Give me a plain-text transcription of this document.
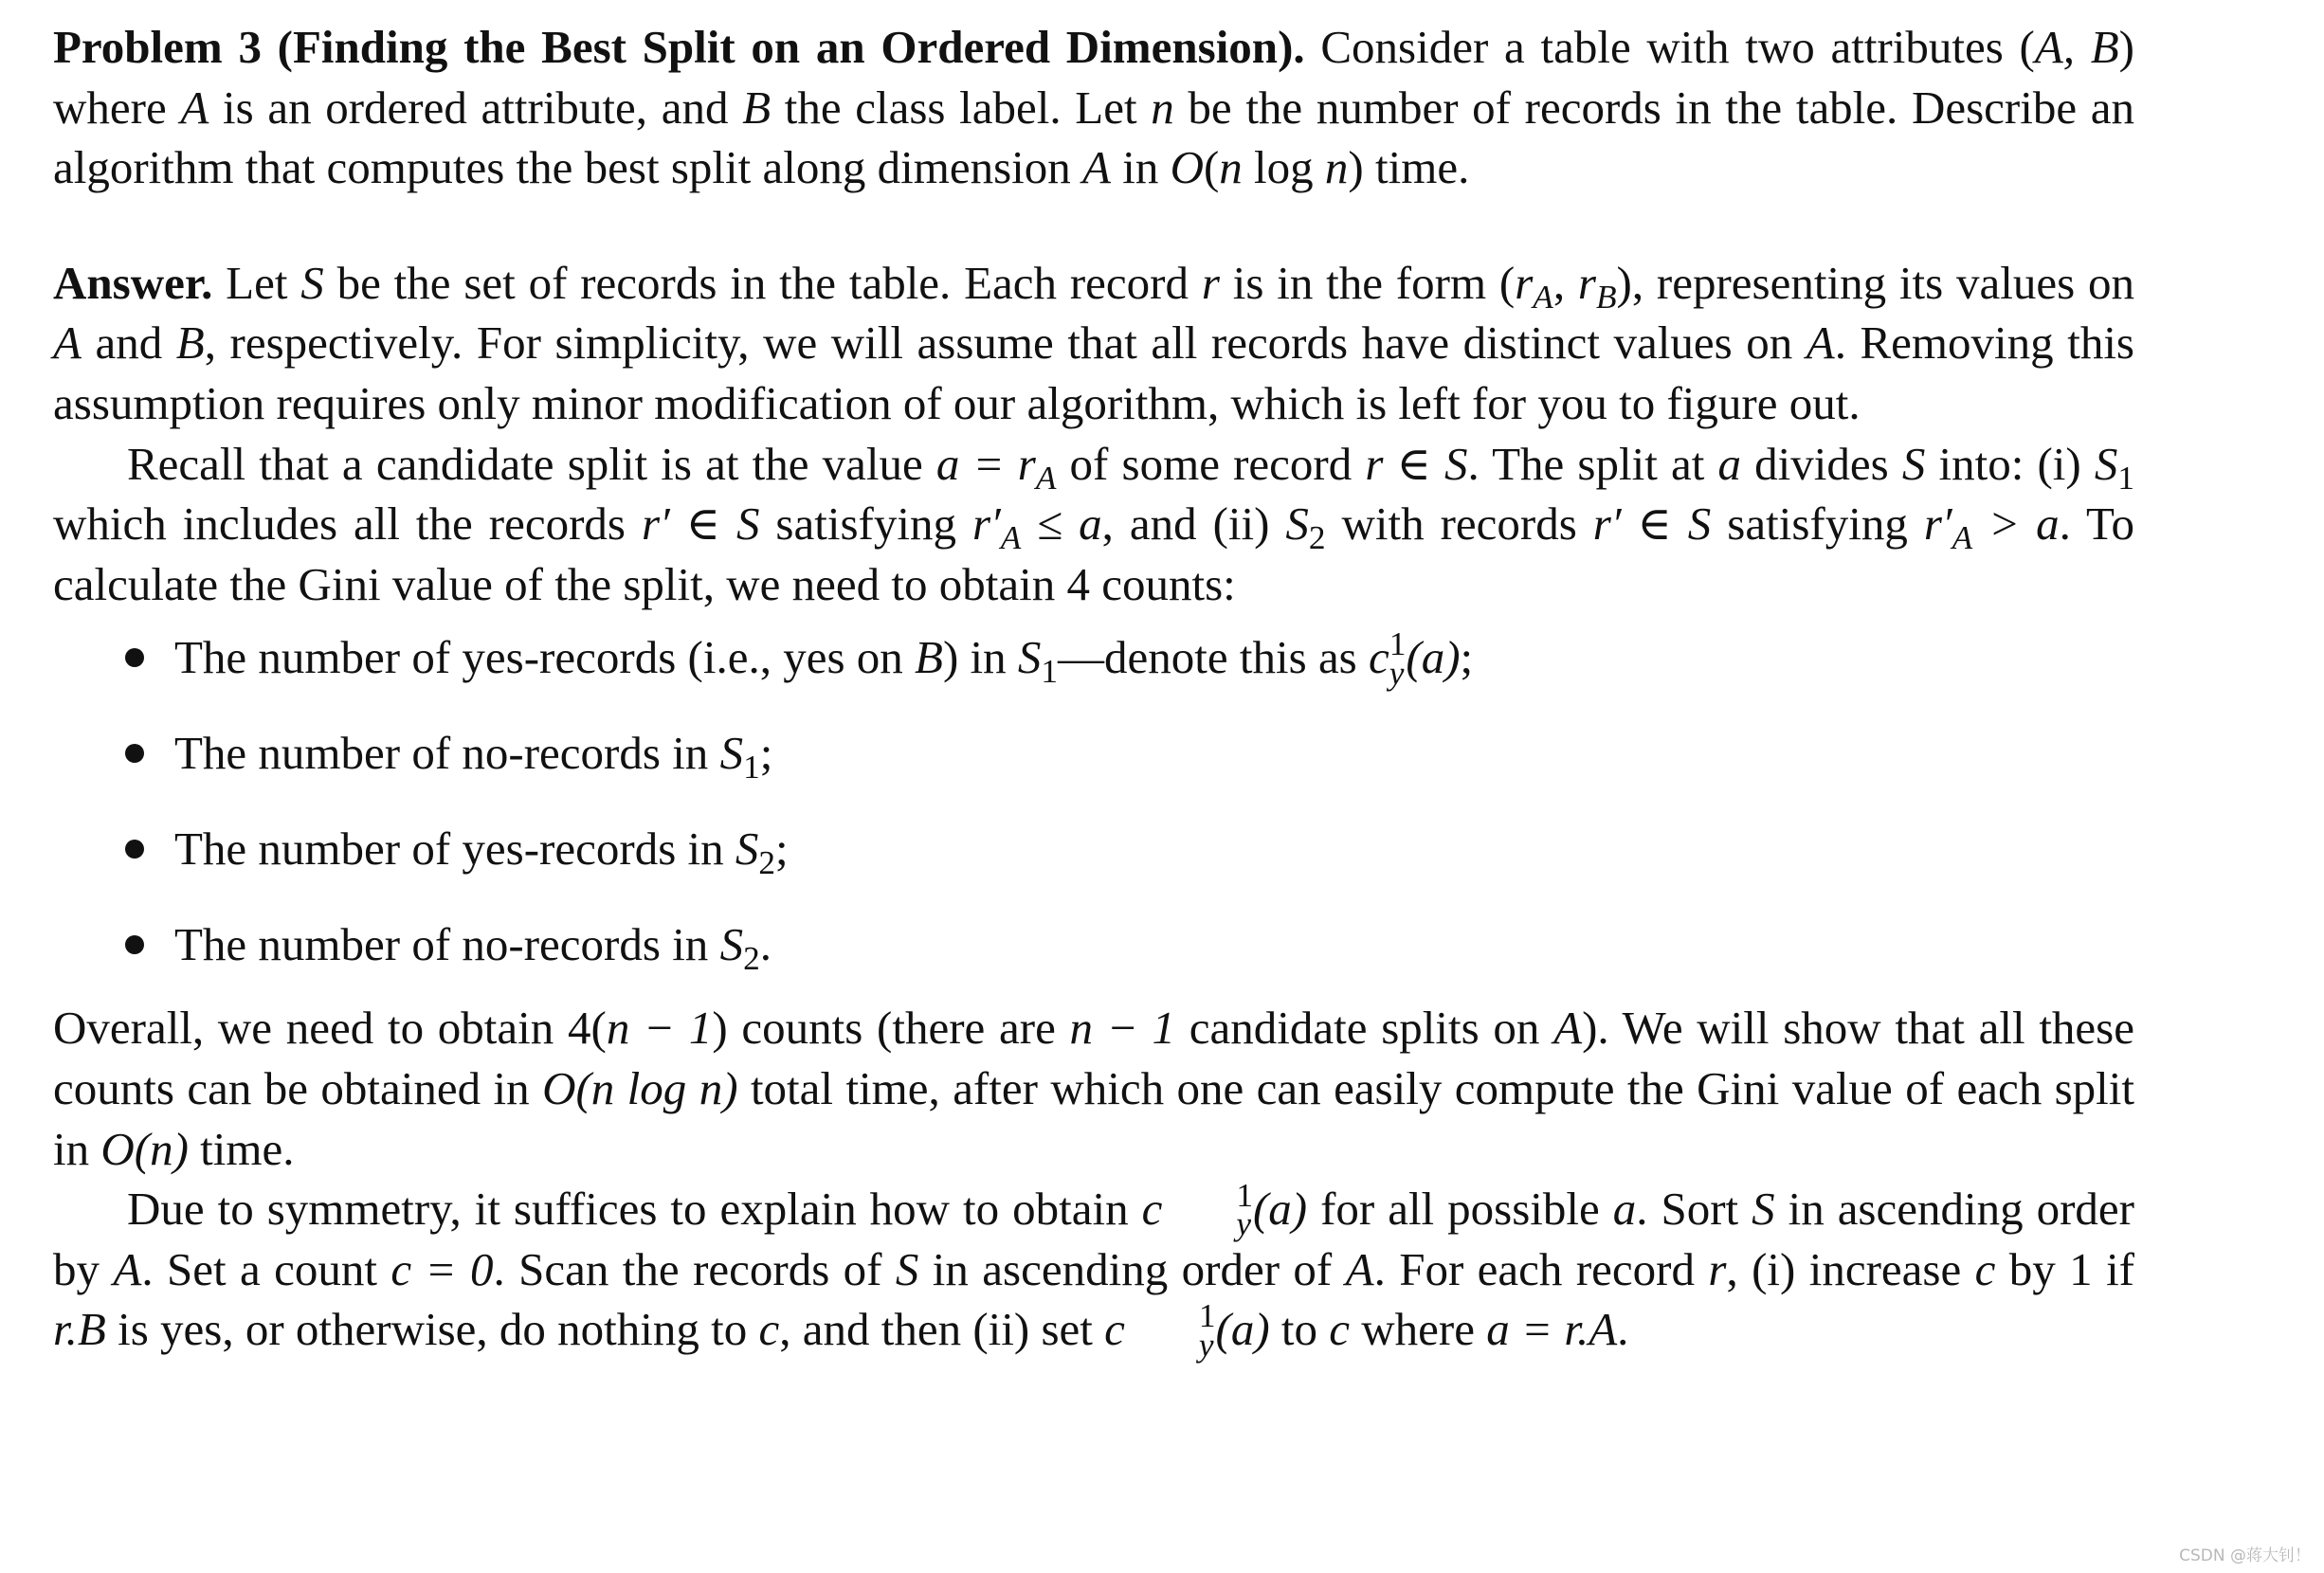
Problem 3 (Finding the Best Split on an Ordered Dimension). Consider a table with two attributes (A, B) where A is an ordered attribute, and B the class label. Let n be the number of records in the table. Describe an algorithm that computes the best split along dimension A in O(n log n) time.

Answer. Let S be the set of records in the table. Each record r is in the form ($r_A$, $r_B$), representing its values on A and B, respectively. For simplicity, we will assume that all records have distinct values on A. Removing this assumption requires only minor modification of our algorithm, which is left for you to figure out.

Recall that a candidate split is at the value $a = r_A$ of some record r ∈ S. The split at a divides S into: (i) $S_1$ which includes all the records r′ ∈ S satisfying $r'_A \le a$, and (ii) $S_2$ with records r′ ∈ S satisfying $r'_A > a$. To calculate the Gini value of the split, we need to obtain 4 counts:

The number of yes-records (i.e., yes on B) in $S_1—denote$ this as c 1
y (a);
The number of no-records in $S_1$;
The number of yes-records in $S_2$;
The number of no-records in $S_2$.

Overall, we need to obtain 4(n − 1) counts (there are n − 1 candidate splits on A). We will show that all these counts can be obtained in O(n log n) total time, after which one can easily compute the Gini value of each split in O(n) time.

Due to symmetry, it suffices to explain how to obtain c	1
y (a) for all possible a. Sort S in ascending order by A. Set a count c = 0. Scan the records of S in ascending order of A. For each record r, (i) increase c by 1 if r.B is yes, or otherwise, do nothing to c, and then (ii) set c	1
y (a) to c where a = r.A.

CSDN @蒋大钊！
